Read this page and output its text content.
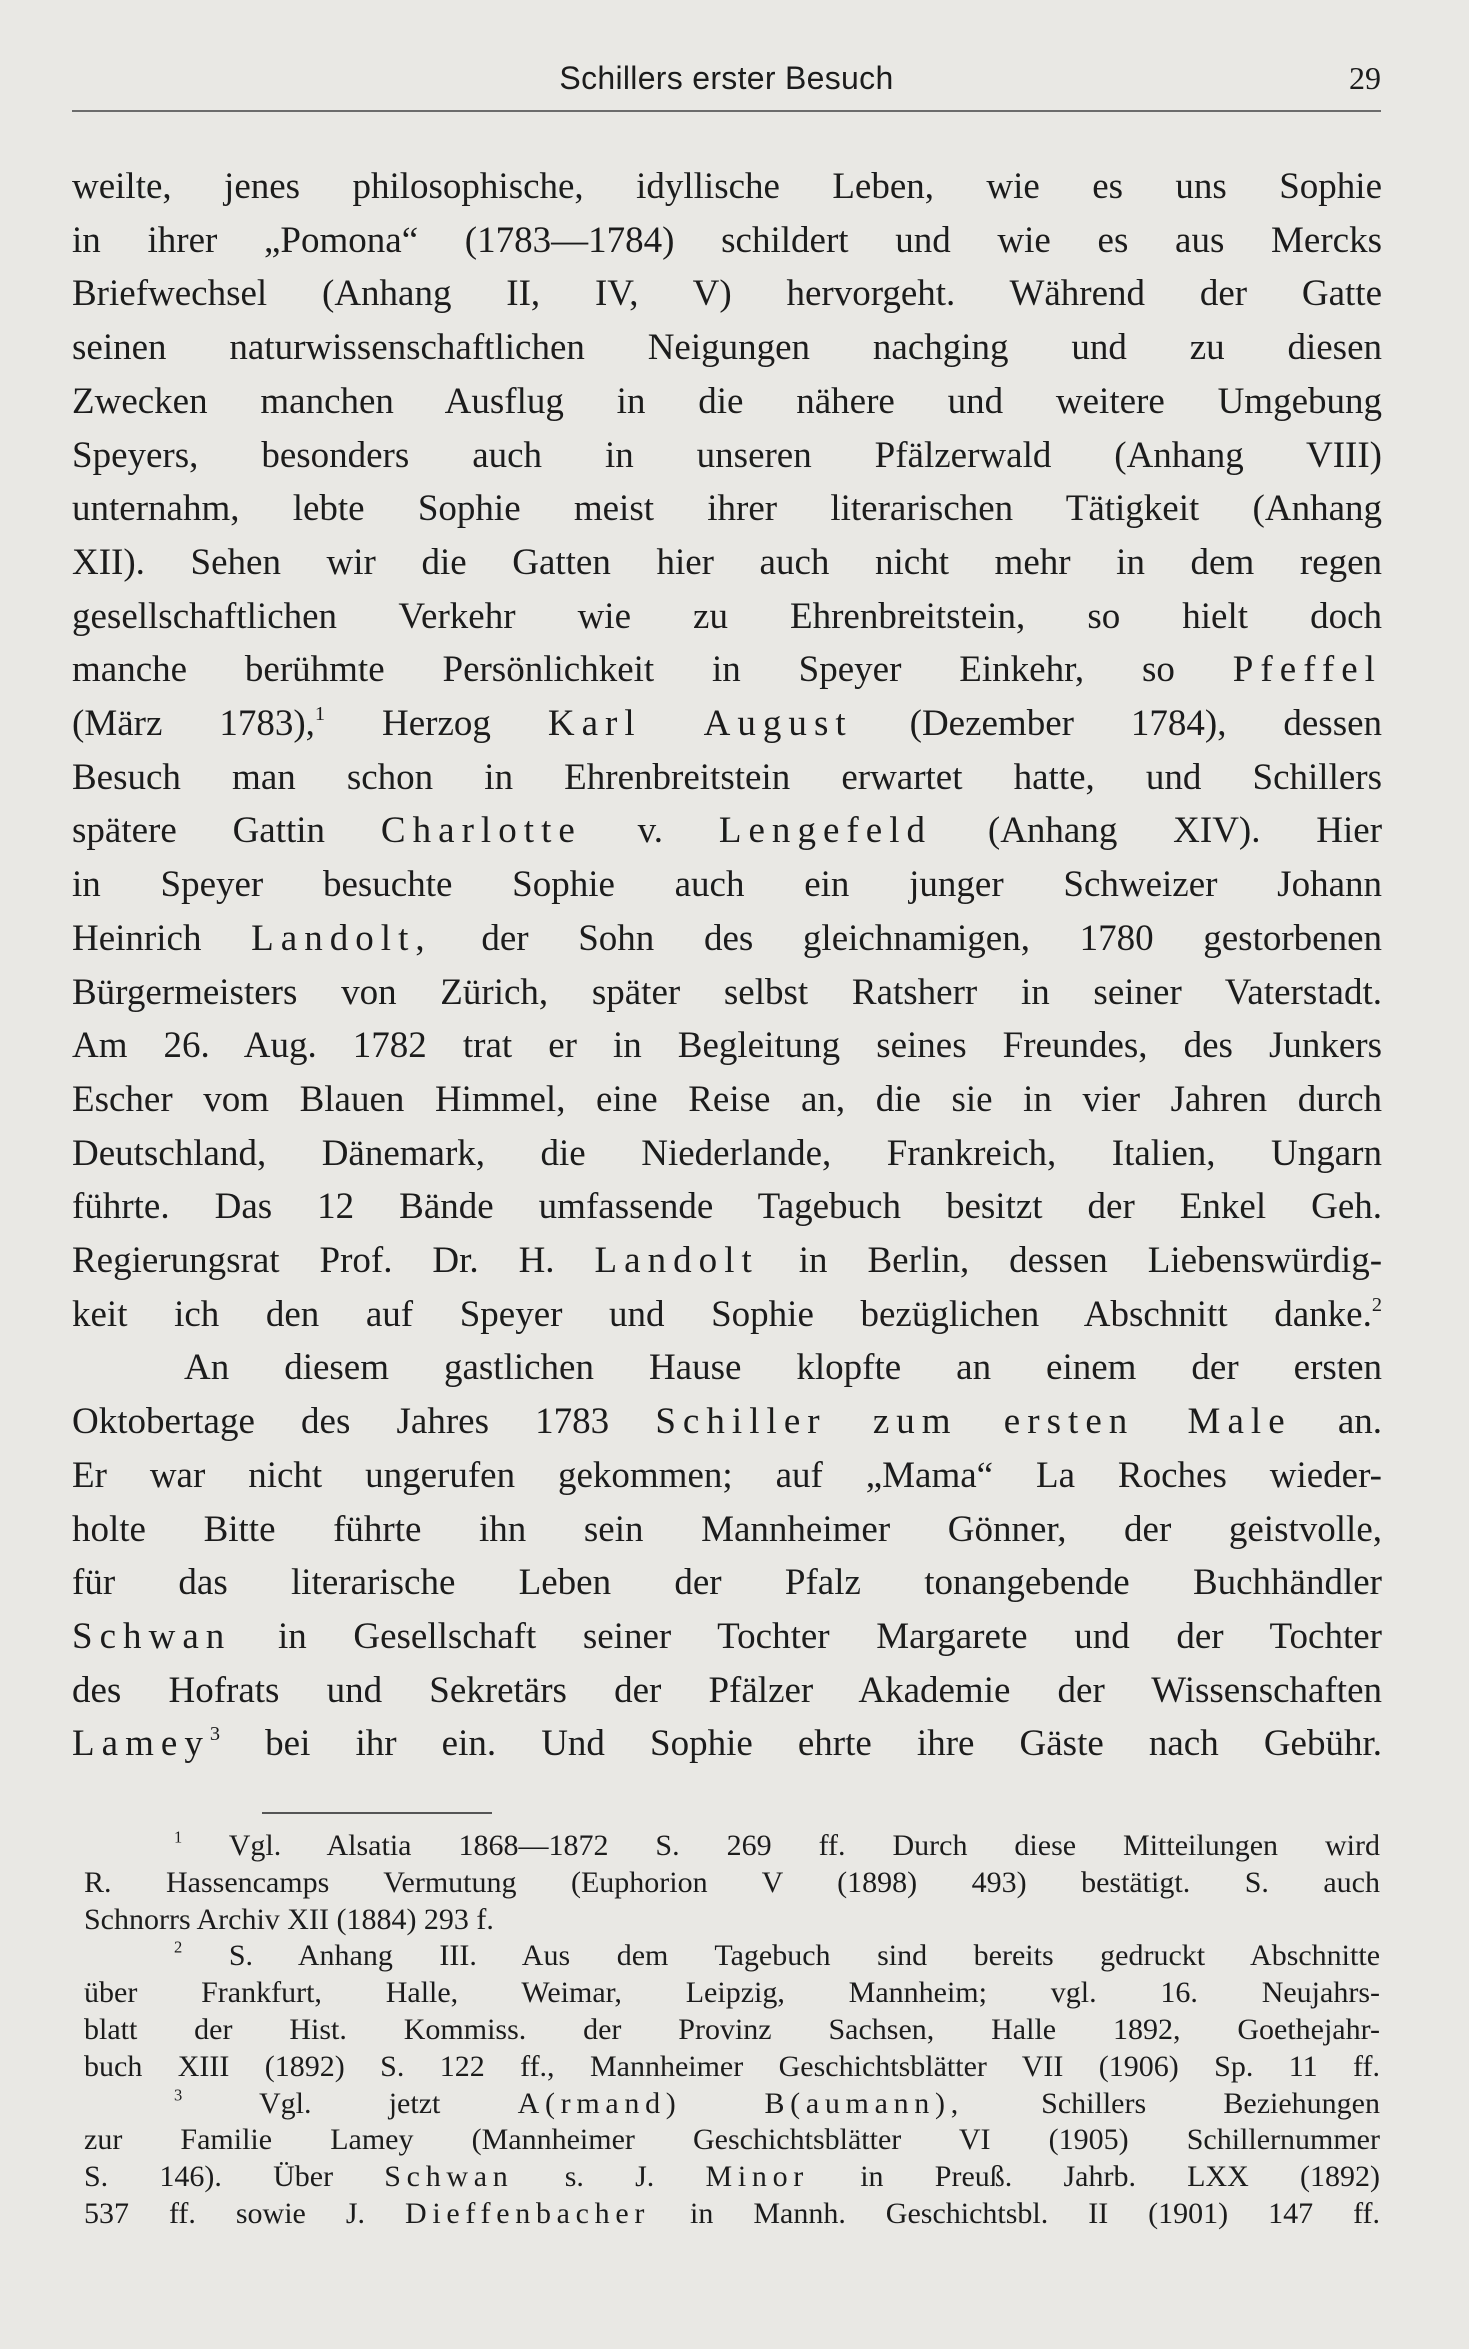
Schillers erster Besuch	29
weilte, jenes philosophische, idyllische Leben, wie es uns Sophie
in ihrer „Pomona“ (1783—1784) schildert und wie es aus Mercks
Briefwechsel (Anhang II, IV, V) hervorgeht. Während der Gatte
seinen naturwissenschaftlichen Neigungen nachging und zu diesen
Zwecken manchen Ausflug in die nähere und weitere Umgebung
Speyers, besonders auch in unseren Pfälzerwald (Anhang VIII)
unternahm, lebte Sophie meist ihrer literarischen Tätigkeit (Anhang
XII). Sehen wir die Gatten hier auch nicht mehr in dem regen
gesellschaftlichen Verkehr wie zu Ehrenbreitstein, so hielt doch
manche berühmte Persönlichkeit in Speyer Einkehr, so Pfeffel
(März 1783),$^1$ Herzog Karl August (Dezember 1784), dessen
Besuch man schon in Ehrenbreitstein erwartet hatte, und Schillers
spätere Gattin Charlotte v. Lengefeld (Anhang XIV). Hier
in Speyer besuchte Sophie auch ein junger Schweizer Johann
Heinrich Landolt, der Sohn des gleichnamigen, 1780 gestorbenen
Bürgermeisters von Zürich, später selbst Ratsherr in seiner Vaterstadt.
Am 26. Aug. 1782 trat er in Begleitung seines Freundes, des Junkers
Escher vom Blauen Himmel, eine Reise an, die sie in vier Jahren durch
Deutschland, Dänemark, die Niederlande, Frankreich, Italien, Ungarn
führte. Das 12 Bände umfassende Tagebuch besitzt der Enkel Geh.
Regierungsrat Prof. Dr. H. Landolt in Berlin, dessen Liebenswürdig-
keit ich den auf Speyer und Sophie bezüglichen Abschnitt danke.$^2$
An diesem gastlichen Hause klopfte an einem der ersten
Oktobertage des Jahres 1783 Schiller zum ersten Male an.
Er war nicht ungerufen gekommen; auf „Mama“ La Roches wieder-
holte Bitte führte ihn sein Mannheimer Gönner, der geistvolle,
für das literarische Leben der Pfalz tonangebende Buchhändler
Schwan in Gesellschaft seiner Tochter Margarete und der Tochter
des Hofrats und Sekretärs der Pfälzer Akademie der Wissenschaften
Lamey$^3$ bei ihr ein. Und Sophie ehrte ihre Gäste nach Gebühr.
$^1$ Vgl. Alsatia 1868—1872 S. 269 ff. Durch diese Mitteilungen wird
R. Hassencamps Vermutung (Euphorion V (1898) 493) bestätigt. S. auch
Schnorrs Archiv XII (1884) 293 f.
$^2$ S. Anhang III. Aus dem Tagebuch sind bereits gedruckt Abschnitte
über Frankfurt, Halle, Weimar, Leipzig, Mannheim; vgl. 16. Neujahrs-
blatt der Hist. Kommiss. der Provinz Sachsen, Halle 1892, Goethejahr-
buch XIII (1892) S. 122 ff., Mannheimer Geschichtsblätter VII (1906) Sp. 11 ff.
$^3$	Vgl. jetzt	A(rmand) B(aumann),	Schillers Beziehungen
zur Familie Lamey (Mannheimer Geschichtsblätter VI (1905) Schillernummer
S. 146). Über Schwan s. J. Minor in Preuß. Jahrb. LXX (1892)
537 ff. sowie J. Dieffenbacher in Mannh. Geschichtsbl. II (1901) 147 ff.
